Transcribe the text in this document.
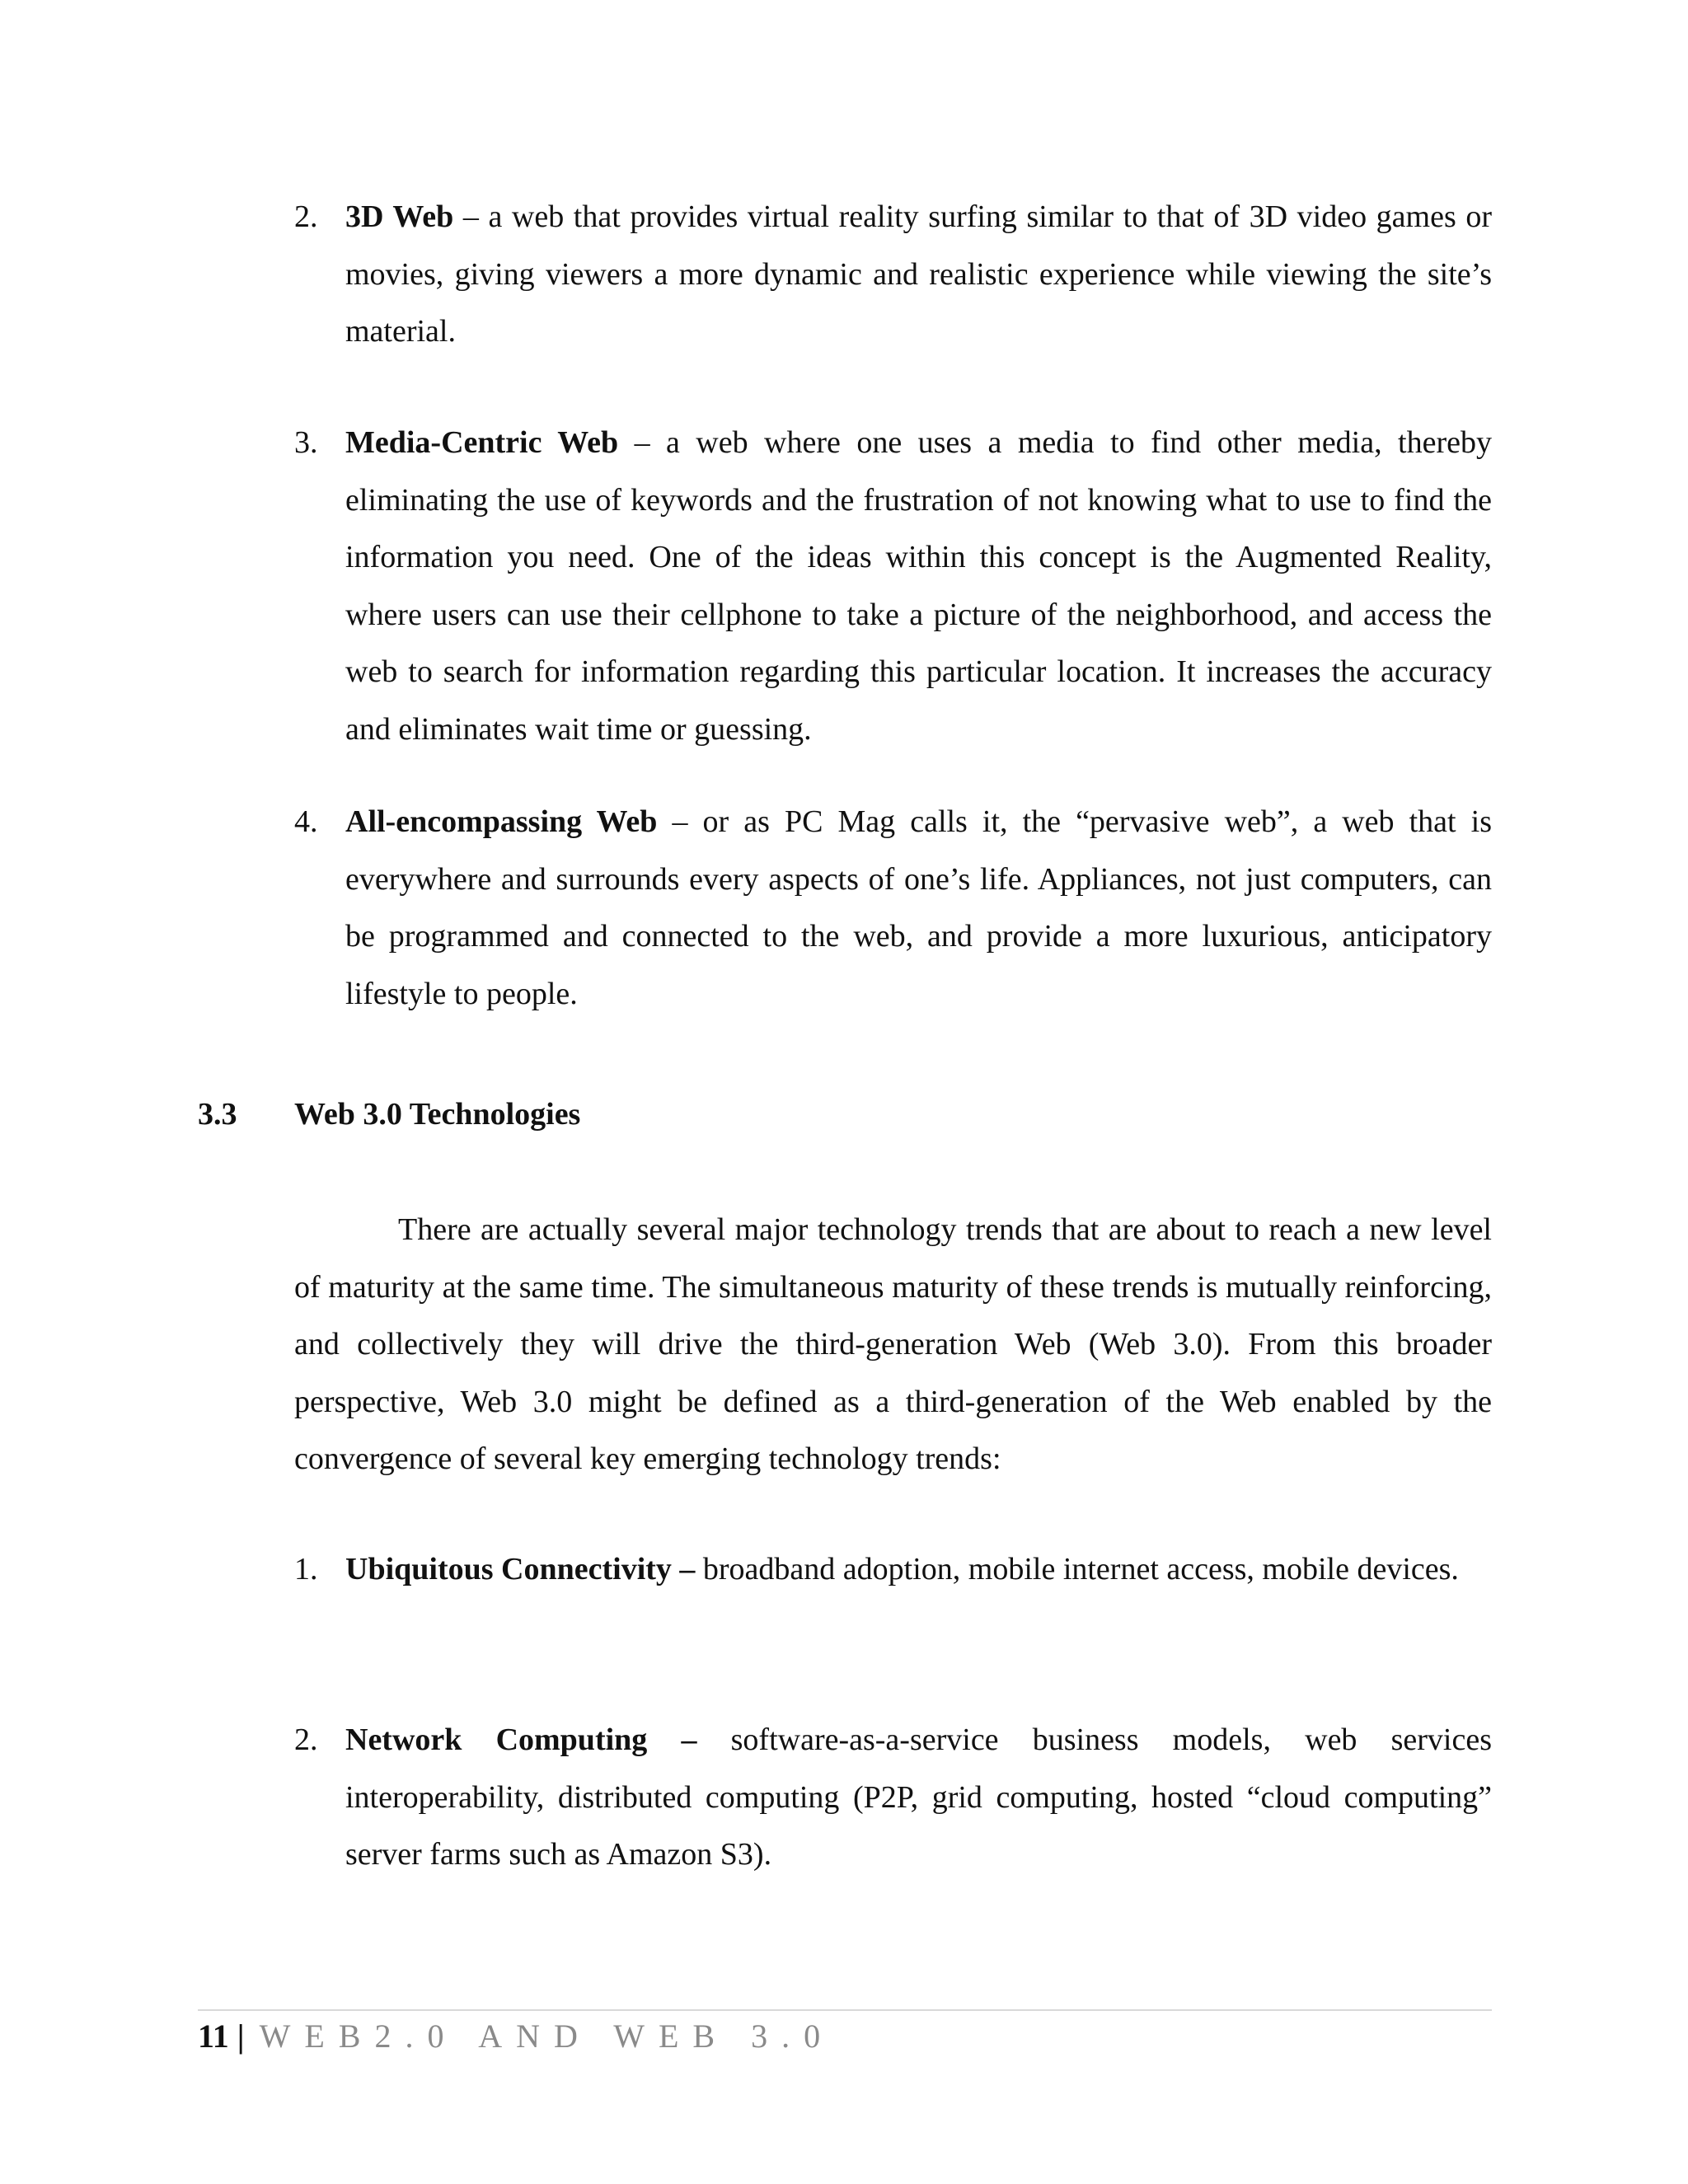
2. 3D Web – a web that provides virtual reality surfing similar to that of 3D video games or movies, giving viewers a more dynamic and realistic experience while viewing the site’s material.
3. Media-Centric Web – a web where one uses a media to find other media, thereby eliminating the use of keywords and the frustration of not knowing what to use to find the information you need. One of the ideas within this concept is the Augmented Reality, where users can use their cellphone to take a picture of the neighborhood, and access the web to search for information regarding this particular location. It increases the accuracy and eliminates wait time or guessing.
4. All-encompassing Web – or as PC Mag calls it, the “pervasive web”, a web that is everywhere and surrounds every aspects of one’s life. Appliances, not just computers, can be programmed and connected to the web, and provide a more luxurious, anticipatory lifestyle to people.
3.3 Web 3.0 Technologies
There are actually several major technology trends that are about to reach a new level of maturity at the same time. The simultaneous maturity of these trends is mutually reinforcing, and collectively they will drive the third-generation Web (Web 3.0). From this broader perspective, Web 3.0 might be defined as a third-generation of the Web enabled by the convergence of several key emerging technology trends:
1. Ubiquitous Connectivity – broadband adoption, mobile internet access, mobile devices.
2. Network Computing – software-as-a-service business models, web services interoperability, distributed computing (P2P, grid computing, hosted “cloud computing” server farms such as Amazon S3).
11 | WEB2.0 AND WEB 3.0
